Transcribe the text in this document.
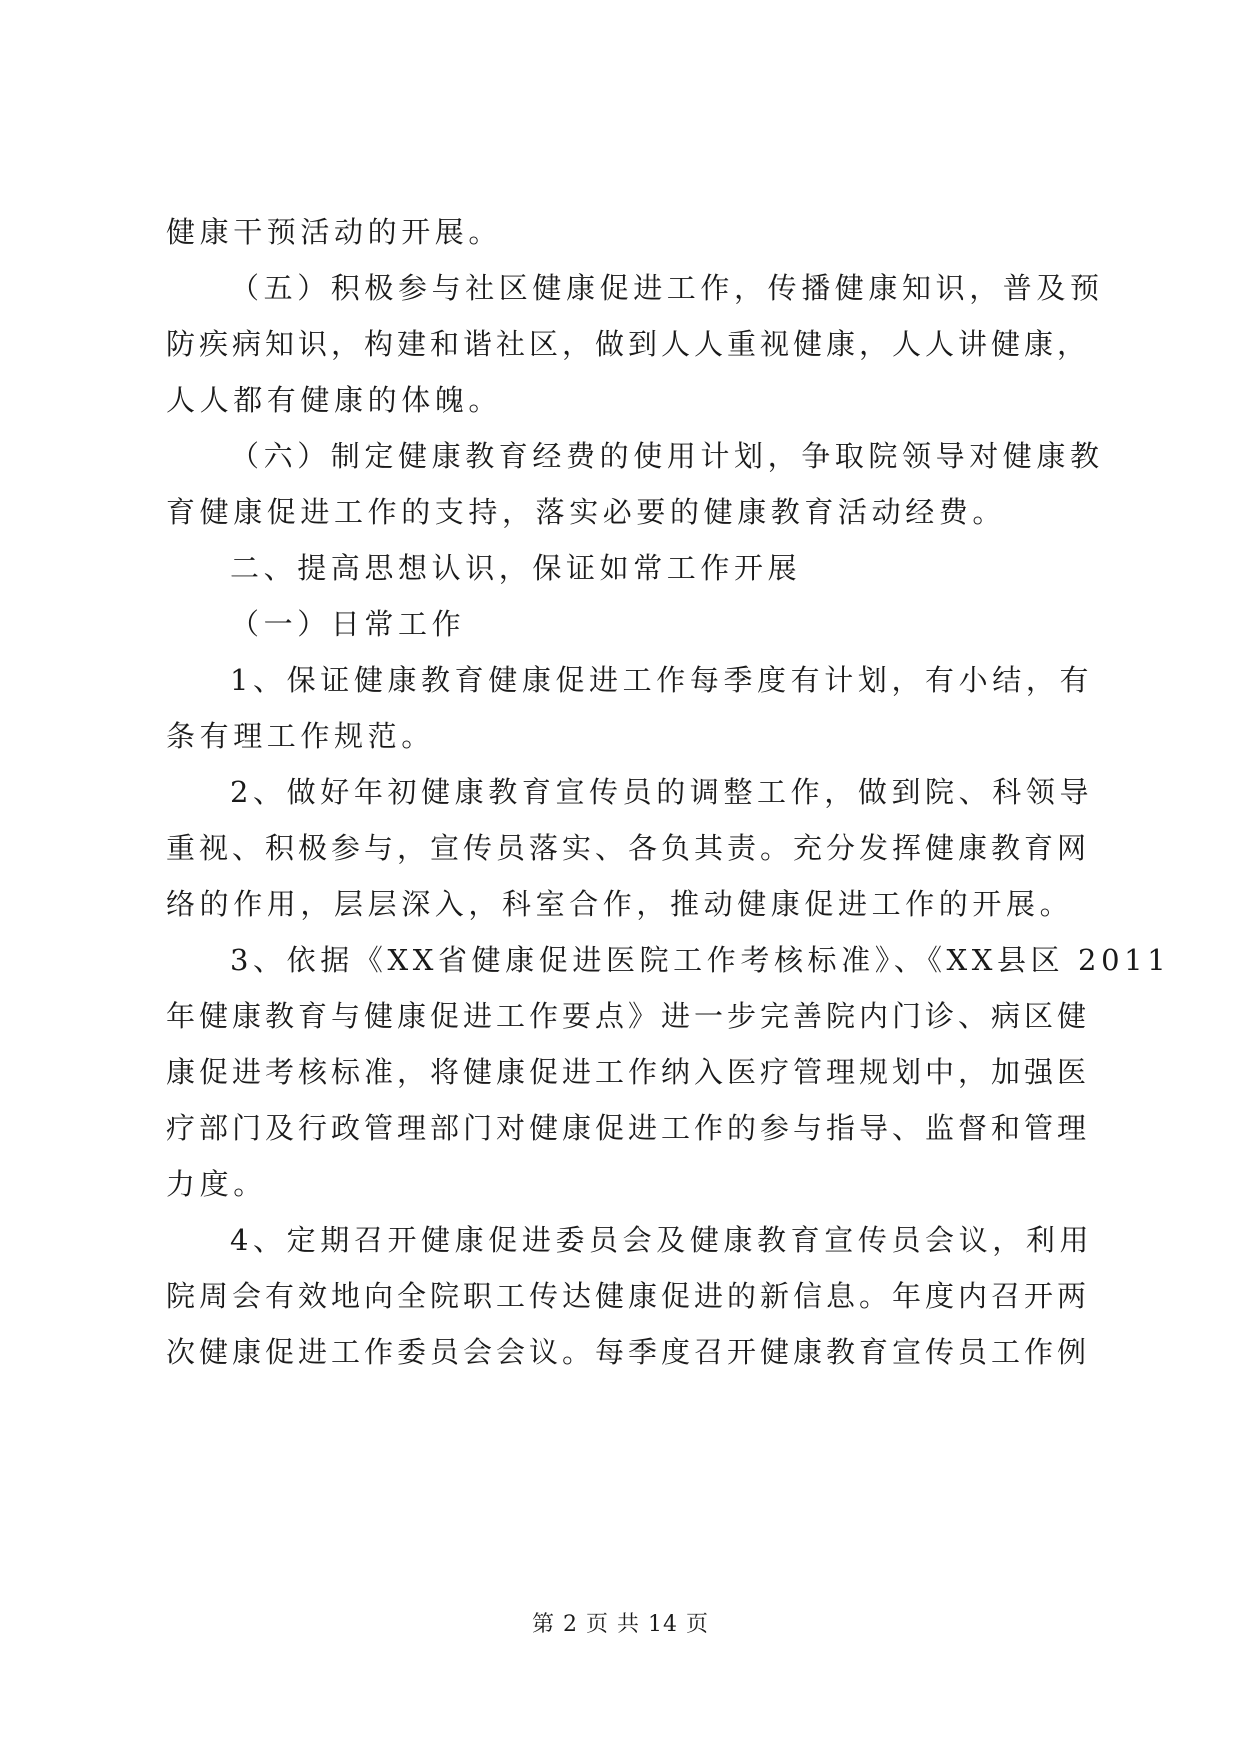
健康干预活动的开展。
（五）积极参与社区健康促进工作，传播健康知识，普及预
防疾病知识，构建和谐社区，做到人人重视健康，人人讲健康，
人人都有健康的体魄。
（六）制定健康教育经费的使用计划，争取院领导对健康教
育健康促进工作的支持，落实必要的健康教育活动经费。
二、提高思想认识，保证如常工作开展
（一）日常工作
1、保证健康教育健康促进工作每季度有计划，有小结，有
条有理工作规范。
2、做好年初健康教育宣传员的调整工作，做到院、科领导
重视、积极参与，宣传员落实、各负其责。充分发挥健康教育网
络的作用，层层深入，科室合作，推动健康促进工作的开展。
3、依据《XX省健康促进医院工作考核标准》、《XX县区 2011
年健康教育与健康促进工作要点》进一步完善院内门诊、病区健
康促进考核标准，将健康促进工作纳入医疗管理规划中，加强医
疗部门及行政管理部门对健康促进工作的参与指导、监督和管理
力度。
4、定期召开健康促进委员会及健康教育宣传员会议，利用
院周会有效地向全院职工传达健康促进的新信息。年度内召开两
次健康促进工作委员会会议。每季度召开健康教育宣传员工作例
第 2 页 共 14 页
